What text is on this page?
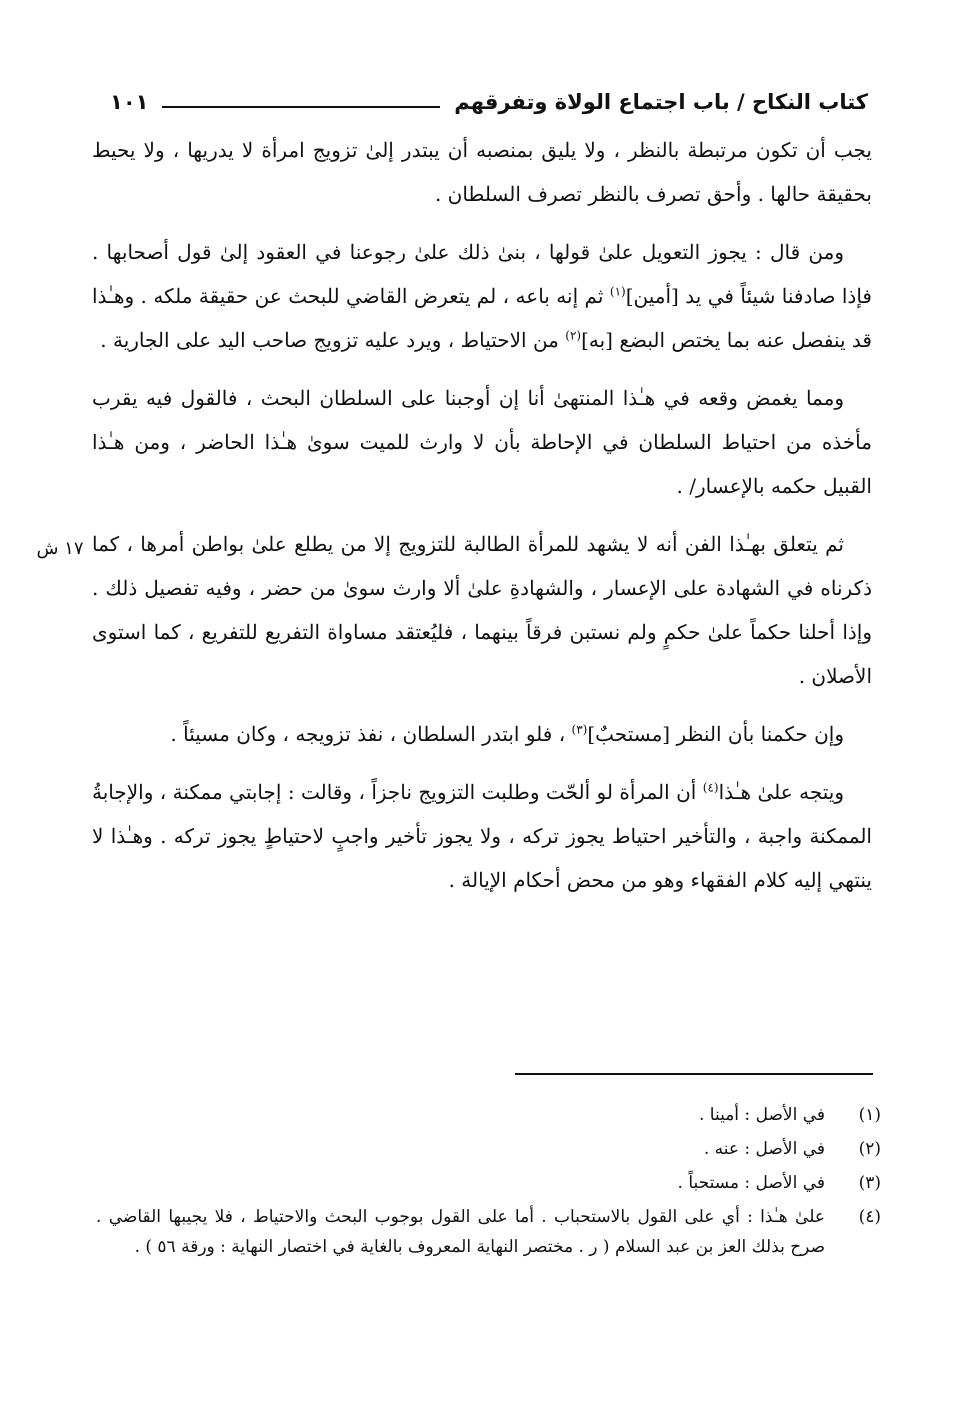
كتاب النكاح / باب اجتماع الولاة وتفرقهم
١٠١

يجب أن تكون مرتبطة بالنظر ، ولا يليق بمنصبه أن يبتدر إلىٰ تزويج امرأة لا يدريها ، ولا يحيط بحقيقة حالها . وأحق تصرف بالنظر تصرف السلطان .

ومن قال : يجوز التعويل علىٰ قولها ، بنىٰ ذلك علىٰ رجوعنا في العقود إلىٰ قول أصحابها . فإذا صادفنا شيئاً في يد [أمين]$^{(١)}$ ثم إنه باعه ، لم يتعرض القاضي للبحث عن حقيقة ملكه . وهـٰذا قد ينفصل عنه بما يختص البضع [به]$^{(٢)}$ من الاحتياط ، ويرد عليه تزويج صاحب اليد على الجارية .

ومما يغمض وقعه في هـٰذا المنتهىٰ أنا إن أوجبنا على السلطان البحث ، فالقول فيه يقرب مأخذه من احتياط السلطان في الإحاطة بأن لا وارث للميت سوىٰ هـٰذا الحاضر ، ومن هـٰذا القبيل حكمه بالإعسار/ .

ثم يتعلق بهـٰذا الفن أنه لا يشهد للمرأة الطالبة للتزويج إلا من يطلع علىٰ بواطن أمرها ، كما ذكرناه في الشهادة على الإعسار ، والشهادةِ علىٰ ألا وارث سوىٰ من حضر ، وفيه تفصيل ذلك . وإذا أحلنا حكماً علىٰ حكمٍ ولم نستبن فرقاً بينهما ، فليُعتقد مساواة التفريع للتفريع ، كما استوى الأصلان .

وإن حكمنا بأن النظر [مستحبٌ]$^{(٣)}$ ، فلو ابتدر السلطان ، نفذ تزويجه ، وكان مسيئاً .

ويتجه علىٰ هـٰذا$^{(٤)}$ أن المرأة لو ألحّت وطلبت التزويج ناجزاً ، وقالت : إجابتي ممكنة ، والإجابةُ الممكنة واجبة ، والتأخير احتياط يجوز تركه ، ولا يجوز تأخير واجبٍ لاحتياطٍ يجوز تركه . وهـٰذا لا ينتهي إليه كلام الفقهاء وهو من محض أحكام الإيالة .

١٧ ش
(١)
في الأصل : أمينا .
(٢)
في الأصل : عنه .
(٣)
في الأصل : مستحباً .
(٤)
علىٰ هـٰذا : أي على القول بالاستحباب . أما على القول بوجوب البحث والاحتياط ، فلا يجيبها القاضي . صرح بذلك العز بن عبد السلام ( ر . مختصر النهاية المعروف بالغاية في اختصار النهاية : ورقة ٥٦ ) .
